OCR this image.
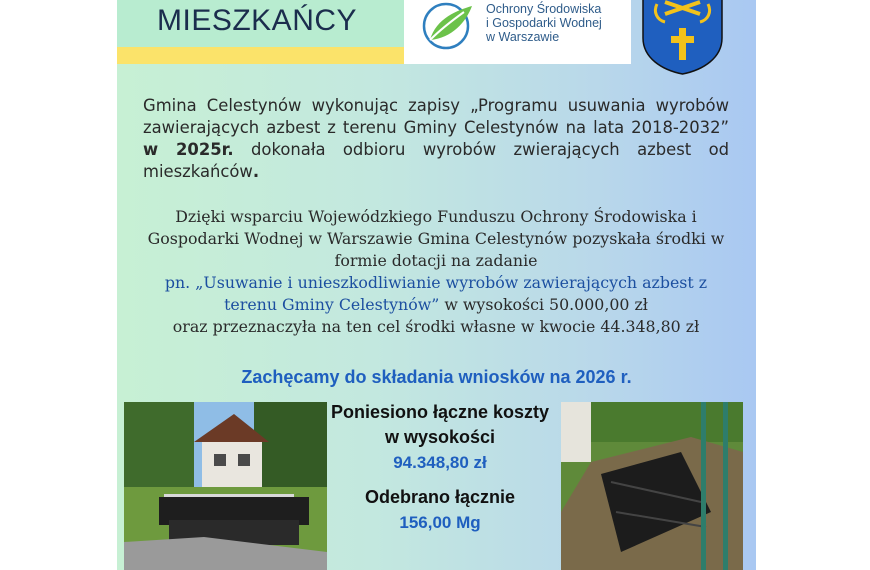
MIESZKAŃCY	Ochrony Środowiska
i Gospodarki Wodnej
w Warszawie
Gmina Celestynów wykonując zapisy „Programu usuwania wyrobów zawierających azbest z terenu Gminy Celestynów na lata 2018-2032” w 2025r. dokonała odbioru wyrobów zwierających azbest od mieszkańców.
Dzięki wsparciu Wojewódzkiego Funduszu Ochrony Środowiska i Gospodarki Wodnej w Warszawie Gmina Celestynów pozyskała środki w formie dotacji na zadanie
pn. „Usuwanie i unieszkodliwianie wyrobów zawierających azbest z terenu Gminy Celestynów” w wysokości 50.000,00 zł
oraz przeznaczyła na ten cel środki własne w kwocie 44.348,80 zł
Zachęcamy do składania wniosków na 2026 r.
Poniesiono łączne koszty w wysokości
94.348,80 zł
Odebrano łącznie
156,00 Mg
